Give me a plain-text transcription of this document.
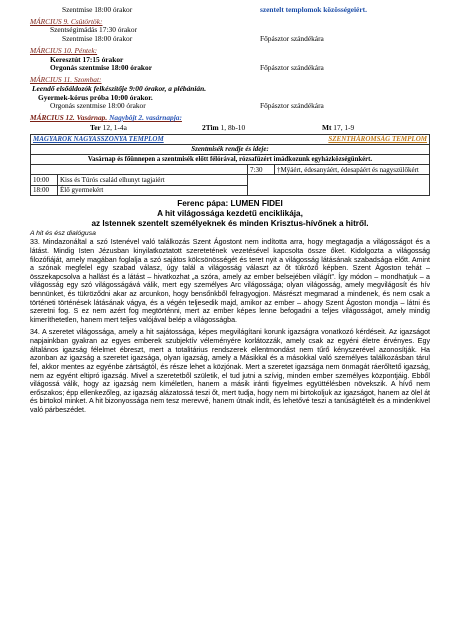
Szentmise 18:00 órakor	szentelt templomok közösségeiért.
MÁRCIUS 9. Csütörtök:
Szentségimádás 17:30 órakor
Szentmise 18:00 órakor	Főpásztor szándékára
MÁRCIUS 10. Péntek:
Keresztút 17:15 órakor
Orgonás szentmise 18:00 órakor	Főpásztor szándékára
MÁRCIUS 11. Szombat:
Leendő elsőáldozók felkészítője 9:00 órakor, a plébánián.
Gyermek-kórus próba 10:00 órakor.
Orgonás szentmise 18:00 órakor	Főpásztor szándékára
MÁRCIUS 12. Vasárnap. Nagyböjt 2. vasárnapja:
Ter 12, 1-4a	2Tim 1, 8b-10	Mt 17, 1-9
MAGYAROK NAGYASSZONYA TEMPLOM SZENTHÁROMSÁG TEMPLOM			

Szentmisék rendje és ideje:			
Vasárnap és főünnepen a szentmisék előtt félórával, rózsafüzért imádkozunk egyházközségünkért.			
		7:30	†Mÿáért, édesanyáért, édesapáért és nagyszülőkért
10:00	Kiss és Túrós család elhunyt tagjaiért		
18:00	Élő gyermekért		
Ferenc pápa: LUMEN FIDEI
A hit világosságа kezdetű enciklikája,
az Istennek szentelt személyeknek és minden Krisztus-hívőnek a hitről.
A hit és ész dialógusa

33. Mindazonáltal a szó Istenével való találkozás Szent Ágostont nem indította arra, hogy megtagadja a világosságot és a látást. Mindig Isten Jézusban kinyilatkoztatott szeretetének vezetésével kapcsolta össze őket. Kidolgozta a világosság filozófiáját, amely magában foglalja a szó sajátos kölcsönösségét és teret nyit a világosság látásának szabadsága előtt. Amint a szónak megfelel egy szabad válasz, úgy talál a világosság választ az őt tükröző képben. Szent Ágoston tehát – összekapcsolva a hallást és a látást – hivatkozhat „a szóra, amely az ember belsejében világít”. Így módon – mondhatjuk – a világosság egy szó világosságává válik, mert egy személyes Arc világossága; olyan világosság, amely megvilágosít és hív bennünket, és tükröződni akar az arcunkon, hogy bensőnkből felragyogjon. Másrészt megmarad a mindenek, és nem csak a történeti történések látásának vágya, és a végén teljesedik majd, amikor az ember – ahogy Szent Ágoston mondja – látni és szeretni fog. S ez nem azért fog megtörténni, mert az ember képes lenne befogadni a teljes világosságot, amely mindig kimeríthetetlen, hanem mert teljes valójával belép a világosságba.

34. A szeretet világossága, amely a hit sajátossága, képes megvilágítani korunk igazságra vonatkozó kérdéseit. Az igazságot napjainkban gyakran az egyes emberek szubjektív véleményére korlátozzák, amely csak az egyéni életre érvényes. Egy általános igazság félelmet ébreszt, mert a totalitárius rendszerek ellentmondást nem tűrő kényszerével azonosítják. Ha azonban az igazság a szeretet igazsága, olyan igazság, amely a Másikkal és a másokkal való személyes találkozásban tárul fel, akkor mentes az egyénbe zártságtól, és része lehet a közjónak. Mert a szeretet igazsága nem önmagát ráerőltető igazság, nem az egyént eltipró igazság. Mivel a szeretetből születik, el tud jutni a szívig, minden ember személyes központjáig. Ebből világossá válik, hogy az igazság nem kíméletlen, hanem a másik iránti figyelmes együttélésben növekszik. A hívő nem erőszakos; épp ellenkezőleg, az igazság alázatossá teszi őt, mert tudja, hogy nem mi birtokoljuk az igazságot, hanem az ölel át és birtokol minket. A hit bizonyossága nem tesz merevvé, hanem útnak indít, és lehetővé teszi a tanúságtételt és a mindenkivel való párbeszédet.
